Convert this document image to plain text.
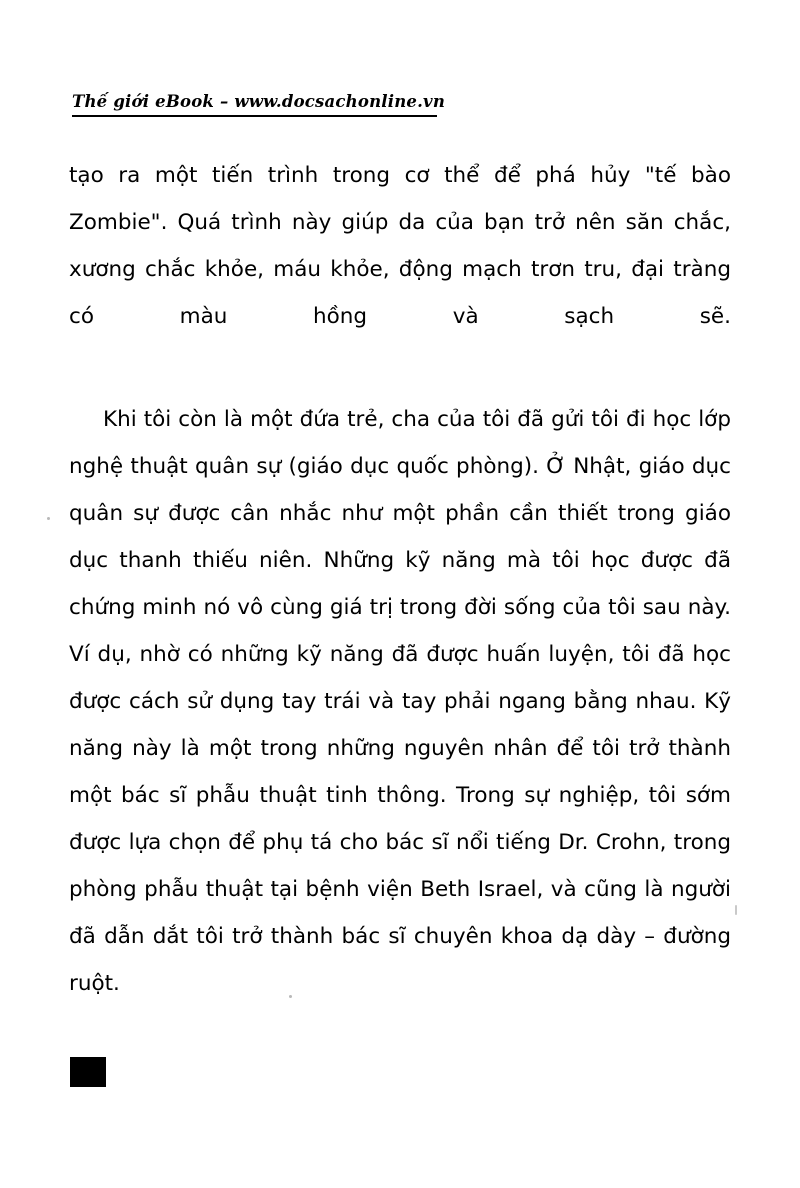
Thế giới eBook – www.docsachonline.vn

tạo ra một tiến trình trong cơ thể để phá hủy "tế bào Zombie". Quá trình này giúp da của bạn trở nên săn chắc, xương chắc khỏe, máu khỏe, động mạch trơn tru, đại tràng có màu hồng và sạch sẽ.

Khi tôi còn là một đứa trẻ, cha của tôi đã gửi tôi đi học lớp nghệ thuật quân sự (giáo dục quốc phòng). Ở Nhật, giáo dục quân sự được cân nhắc như một phần cần thiết trong giáo dục thanh thiếu niên. Những kỹ năng mà tôi học được đã chứng minh nó vô cùng giá trị trong đời sống của tôi sau này. Ví dụ, nhờ có những kỹ năng đã được huấn luyện, tôi đã học được cách sử dụng tay trái và tay phải ngang bằng nhau. Kỹ năng này là một trong những nguyên nhân để tôi trở thành một bác sĩ phẫu thuật tinh thông. Trong sự nghiệp, tôi sớm được lựa chọn để phụ tá cho bác sĩ nổi tiếng Dr. Crohn, trong phòng phẫu thuật tại bệnh viện Beth Israel, và cũng là người đã dẫn dắt tôi trở thành bác sĩ chuyên khoa dạ dày – đường ruột.
